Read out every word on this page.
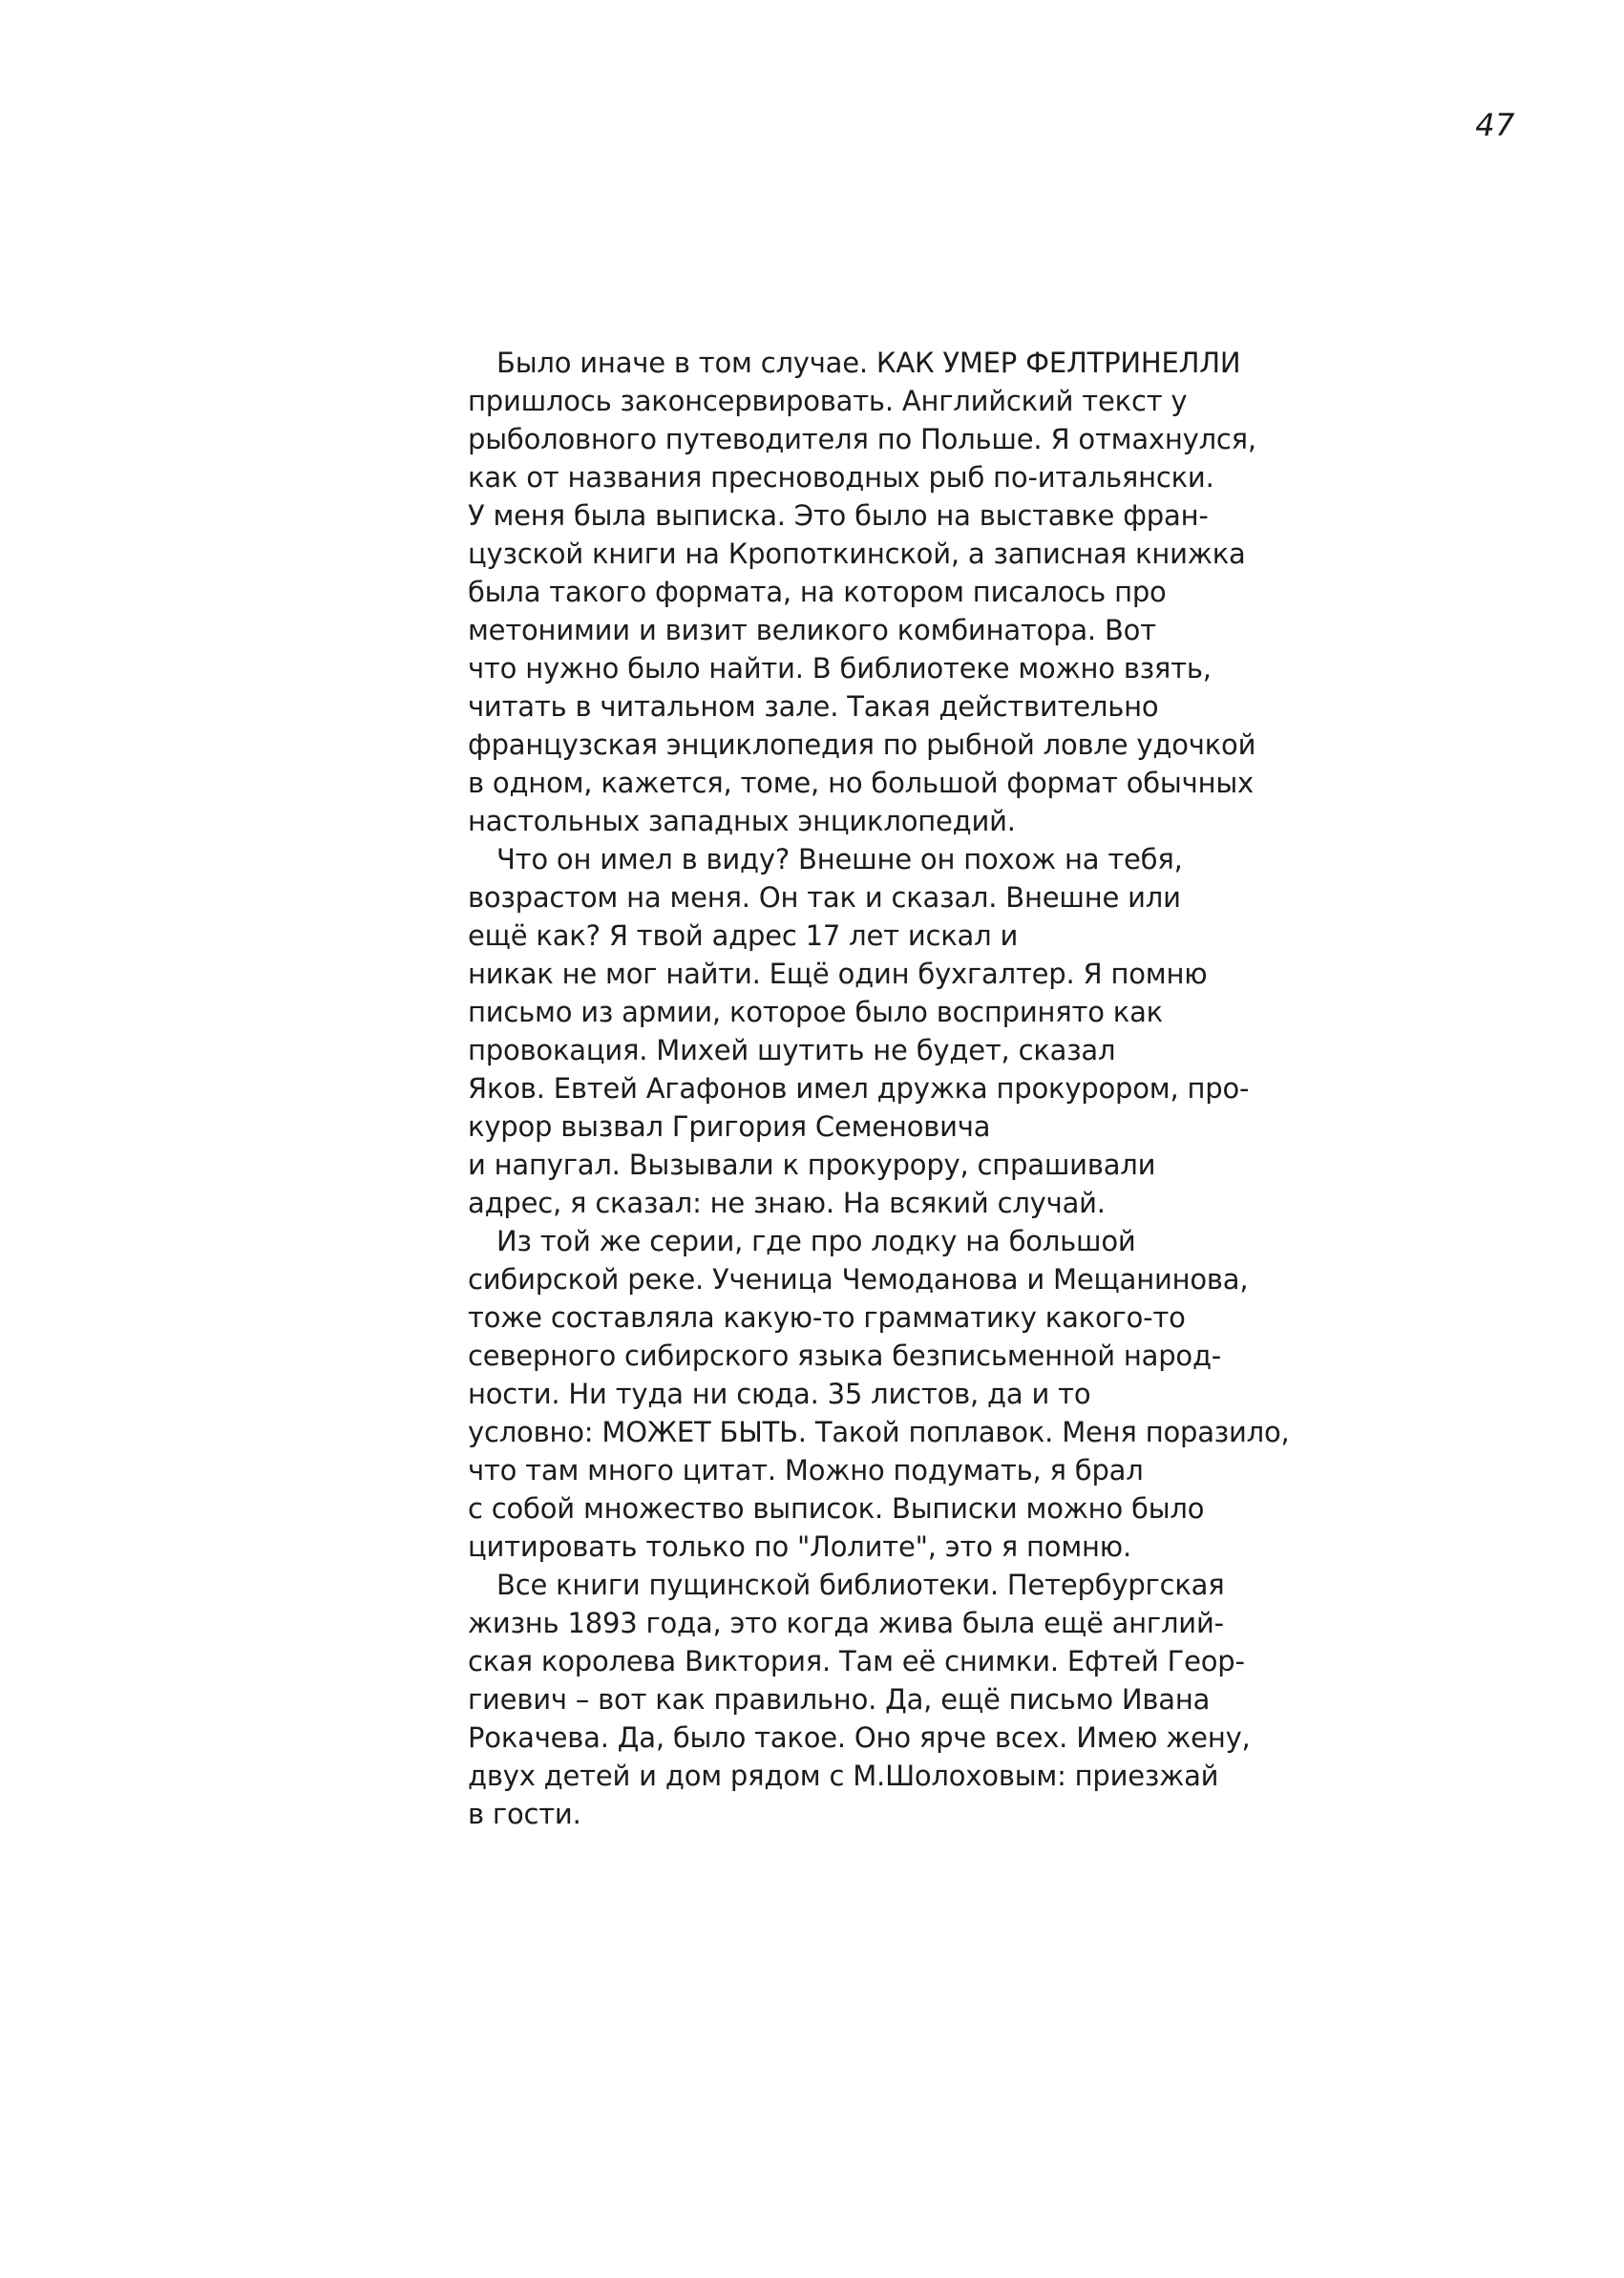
47
Было иначе в том случае. КАК УМЕР ФЕЛТРИНЕЛЛИ
пришлось законсервировать. Английский текст у
рыболовного путеводителя по Польше. Я отмахнулся,
как от названия пресноводных рыб по-итальянски.
У меня была выписка. Это было на выставке фран-
цузской книги на Кропоткинской, а записная книжка
была такого формата, на котором писалось про
метонимии и визит великого комбинатора. Вот
что нужно было найти. В библиотеке можно взять,
читать в читальном зале. Такая действительно
французская энциклопедия по рыбной ловле удочкой
в одном, кажется, томе, но большой формат обычных
настольных западных энциклопедий.
Что он имел в виду? Внешне он похож на тебя,
возрастом на меня. Он так и сказал. Внешне или
ещё как? Я твой адрес 17 лет искал и
никак не мог найти. Ещё один бухгалтер. Я помню
письмо из армии, которое было воспринято как
провокация. Михей шутить не будет, сказал
Яков. Евтей Агафонов имел дружка прокурором, про-
курор вызвал Григория Семеновича
и напугал. Вызывали к прокурору, спрашивали
адрес, я сказал: не знаю. На всякий случай.
Из той же серии, где про лодку на большой
сибирской реке. Ученица Чемоданова и Мещанинова,
тоже составляла какую-то грамматику какого-то
северного сибирского языка безписьменной народ-
ности. Ни туда ни сюда. 35 листов, да и то
условно: МОЖЕТ БЫТЬ. Такой поплавок. Меня поразило,
что там много цитат. Можно подумать, я брал
с собой множество выписок. Выписки можно было
цитировать только по "Лолите", это я помню.
Все книги пущинской библиотеки. Петербургская
жизнь 1893 года, это когда жива была ещё англий-
ская королева Виктория. Там её снимки. Ефтей Геор-
гиевич – вот как правильно. Да, ещё письмо Ивана
Рокачева. Да, было такое. Оно ярче всех. Имею жену,
двух детей и дом рядом с М.Шолоховым: приезжай
в гости.
